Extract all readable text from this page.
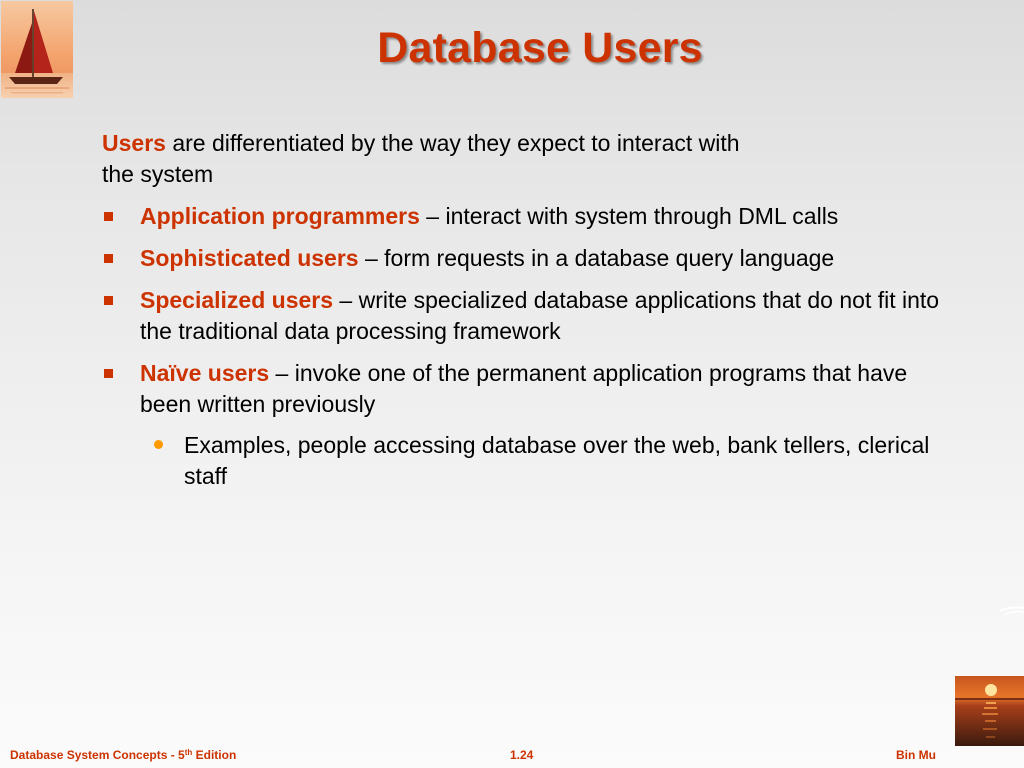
Database Users
Users are differentiated by the way they expect to interact with
the system
Application programmers – interact with system through DML calls
Sophisticated users – form requests in a database query language
Specialized users – write specialized database applications that do not fit into the traditional data processing framework
Naïve users – invoke one of the permanent application programs that have been written previously
Examples, people accessing database over the web, bank tellers, clerical staff
Database System Concepts - 5th Edition	1.24	Bin Mu
